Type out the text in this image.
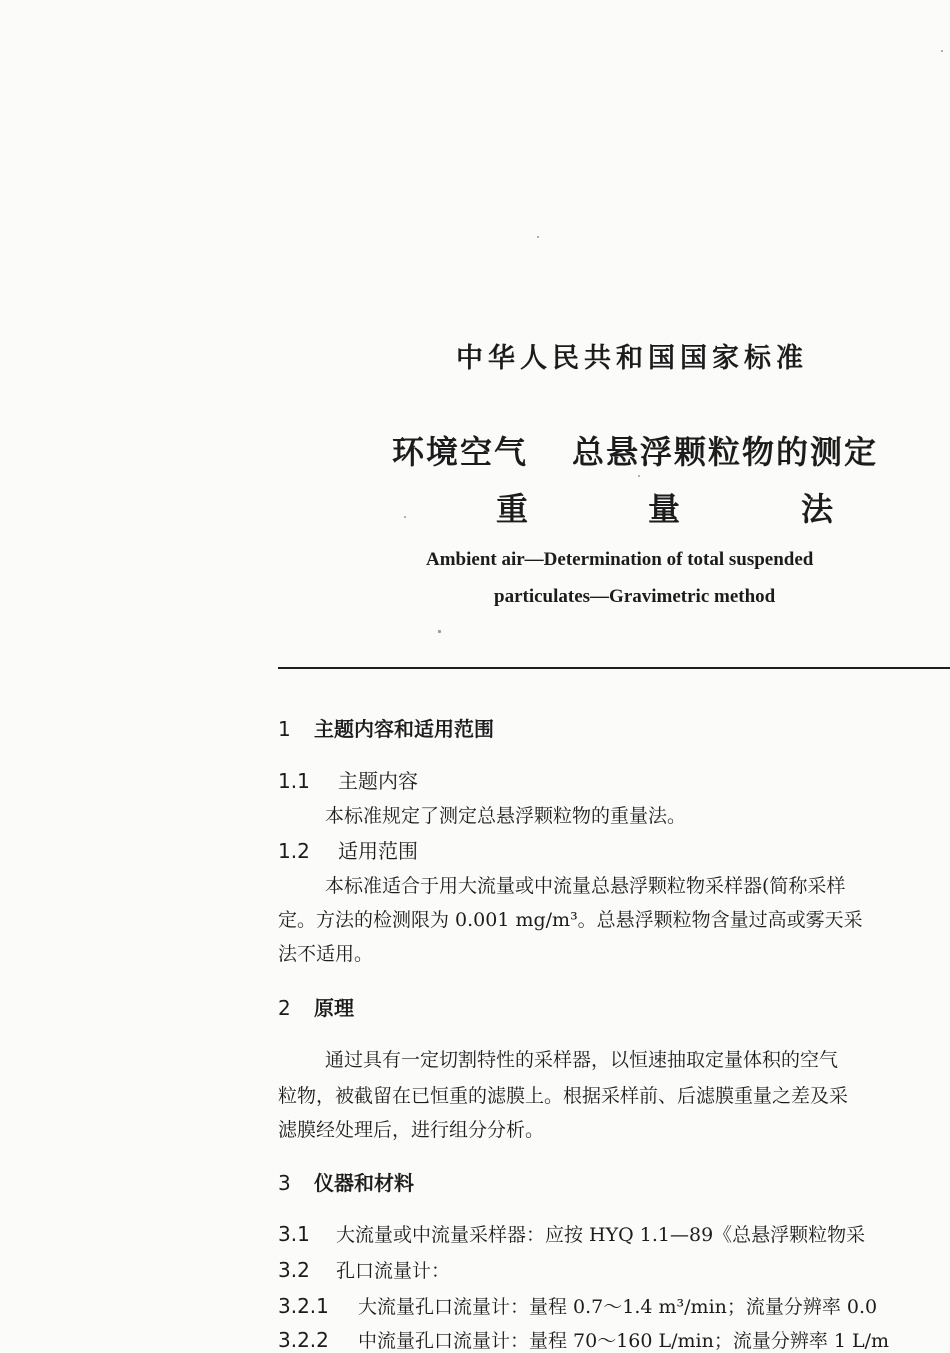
中华人民共和国国家标准
环境空气 总悬浮颗粒物的测定
重	量	法
Ambient air—Determination of total suspended
particulates—Gravimetric method
1 主题内容和适用范围
1.1 主题内容
本标准规定了测定总悬浮颗粒物的重量法。
1.2 适用范围
本标准适合于用大流量或中流量总悬浮颗粒物采样器(简称采样
定。方法的检测限为 0.001 mg/m³。总悬浮颗粒物含量过高或雾天采
法不适用。
2 原理
通过具有一定切割特性的采样器，以恒速抽取定量体积的空气
粒物，被截留在已恒重的滤膜上。根据采样前、后滤膜重量之差及采
滤膜经处理后，进行组分分析。
3 仪器和材料
3.1 大流量或中流量采样器：应按 HYQ 1.1—89《总悬浮颗粒物采
3.2 孔口流量计：
3.2.1 大流量孔口流量计：量程 0.7～1.4 m³/min；流量分辨率 0.0
3.2.2 中流量孔口流量计：量程 70～160 L/min；流量分辨率 1 L/m
